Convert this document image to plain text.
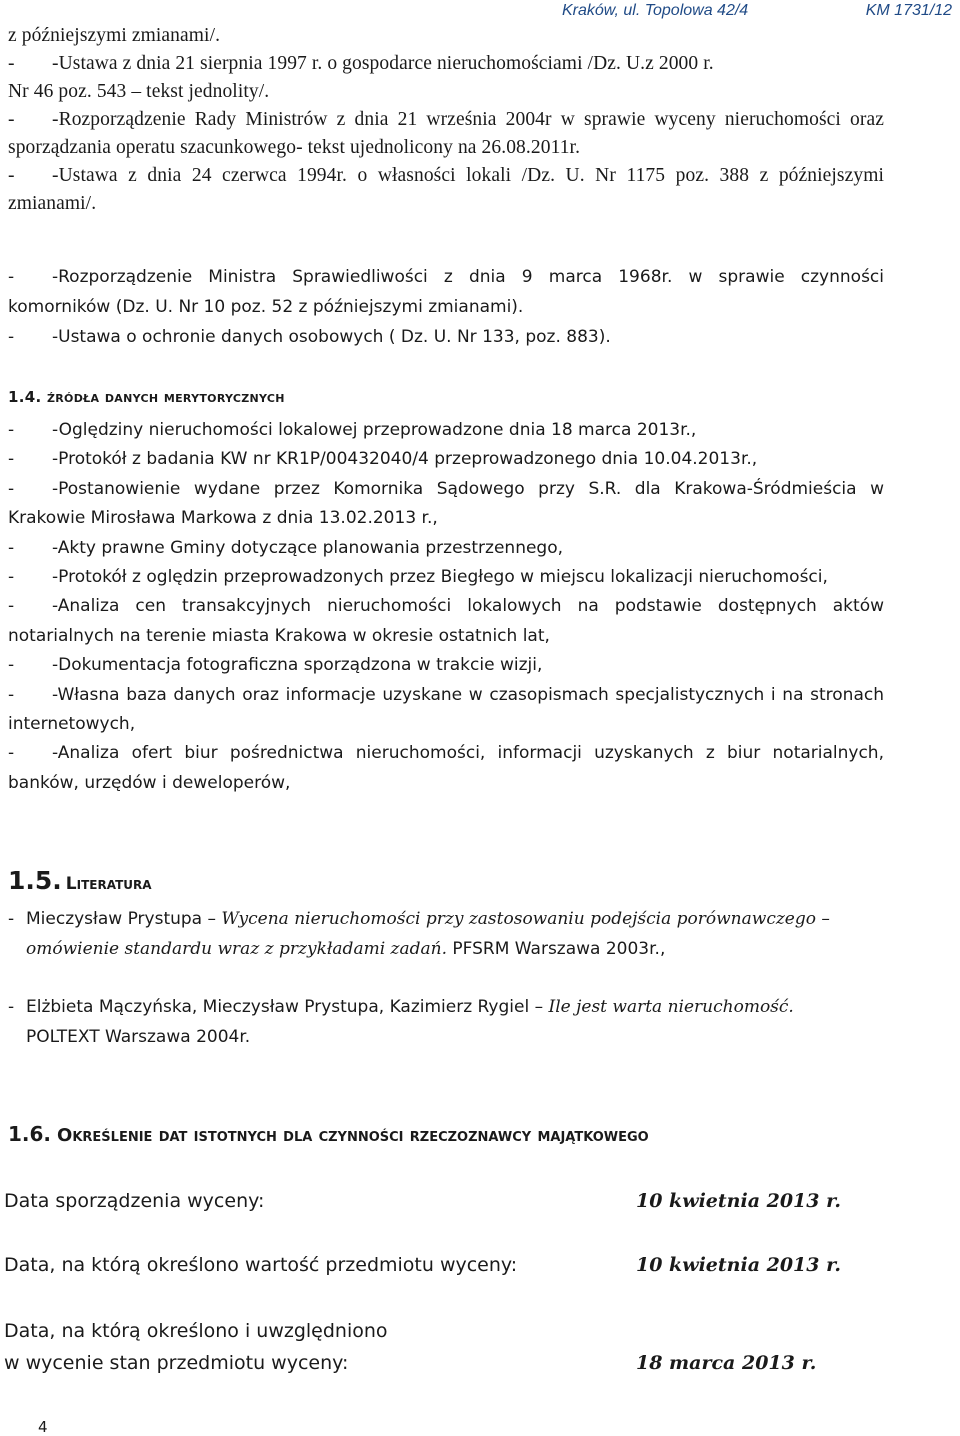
Kraków, ul. Topolowa 42/4	KM 1731/12

z późniejszymi zmianami/.

- -Ustawa z dnia 21 sierpnia 1997 r. o gospodarce nieruchomościami /Dz. U.z 2000 r.

Nr 46 poz. 543 – tekst jednolity/.

- -Rozporządzenie Rady Ministrów z dnia 21 września 2004r w sprawie wyceny nieruchomości oraz sporządzania operatu szacunkowego- tekst ujednolicony na 26.08.2011r.

- -Ustawa z dnia 24 czerwca 1994r. o własności lokali /Dz. U. Nr 1175 poz. 388 z późniejszymi zmianami/.

- -Rozporządzenie Ministra Sprawiedliwości z dnia 9 marca 1968r. w sprawie czynności komorników (Dz. U. Nr 10 poz. 52 z późniejszymi zmianami).

- -Ustawa o ochronie danych osobowych ( Dz. U. Nr 133, poz. 883).

1.4. źródła danych merytorycznych

- -Oględziny nieruchomości lokalowej przeprowadzone dnia 18 marca 2013r.,

- -Protokół z badania KW nr KR1P/00432040/4 przeprowadzonego dnia 10.04.2013r.,

- -Postanowienie wydane przez Komornika Sądowego przy S.R. dla Krakowa-Śródmieścia w Krakowie Mirosława Markowa z dnia 13.02.2013 r.,

- -Akty prawne Gminy dotyczące planowania przestrzennego,

- -Protokół z oględzin przeprowadzonych przez Biegłego w miejscu lokalizacji nieruchomości,

- -Analiza cen transakcyjnych nieruchomości lokalowych na podstawie dostępnych aktów notarialnych na terenie miasta Krakowa w okresie ostatnich lat,

- -Dokumentacja fotograficzna sporządzona w trakcie wizji,

- -Własna baza danych oraz informacje uzyskane w czasopismach specjalistycznych i na stronach internetowych,

- -Analiza ofert biur pośrednictwa nieruchomości, informacji uzyskanych z biur notarialnych, banków, urzędów i deweloperów,

1.5. Literatura
- Mieczysław Prystupa – Wycena nieruchomości przy zastosowaniu podejścia porównawczego –
omówienie standardu wraz z przykładami zadań. PFSRM Warszawa 2003r.,
- Elżbieta Mączyńska, Mieczysław Prystupa, Kazimierz Rygiel – Ile jest warta nieruchomość.
POLTEXT Warszawa 2004r.
1.6. Określenie dat istotnych dla czynności rzeczoznawcy majątkowego
Data sporządzenia wyceny:	10 kwietnia 2013 r.
Data, na którą określono wartość przedmiotu wyceny:	10 kwietnia 2013 r.
Data, na którą określono i uwzględniono
w wycenie stan przedmiotu wyceny:	18 marca 2013 r.
4
